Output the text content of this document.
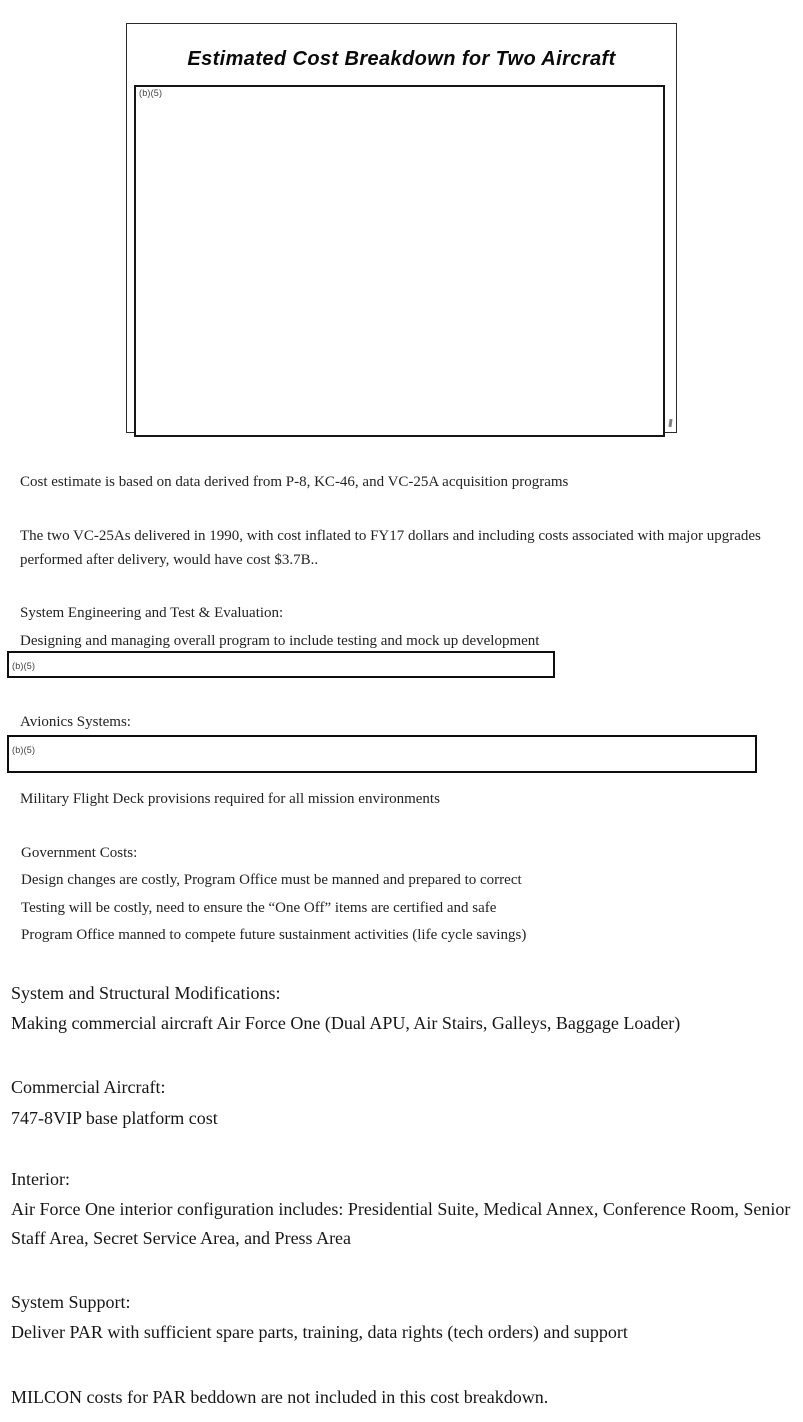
Estimated Cost Breakdown for Two Aircraft
(b)(5)
Cost estimate is based on data derived from P-8, KC-46, and VC-25A acquisition programs
The two VC-25As delivered in 1990, with cost inflated to FY17 dollars and including costs associated with major upgrades performed after delivery, would have cost $3.7B..
System Engineering and Test & Evaluation:
Designing and managing overall program to include testing and mock up development
(b)(5)
Avionics Systems:
(b)(5)
Military Flight Deck provisions required for all mission environments
Government Costs:
Design changes are costly, Program Office must be manned and prepared to correct
Testing will be costly, need to ensure the “One Off” items are certified and safe
Program Office manned to compete future sustainment activities (life cycle savings)
System and Structural Modifications:
Making commercial aircraft Air Force One (Dual APU, Air Stairs, Galleys, Baggage Loader)
Commercial Aircraft:
747-8VIP base platform cost
Interior:
Air Force One interior configuration includes: Presidential Suite, Medical Annex, Conference Room, Senior Staff Area, Secret Service Area, and Press Area
System Support:
Deliver PAR with sufficient spare parts, training, data rights (tech orders) and support
MILCON costs for PAR beddown are not included in this cost breakdown.
